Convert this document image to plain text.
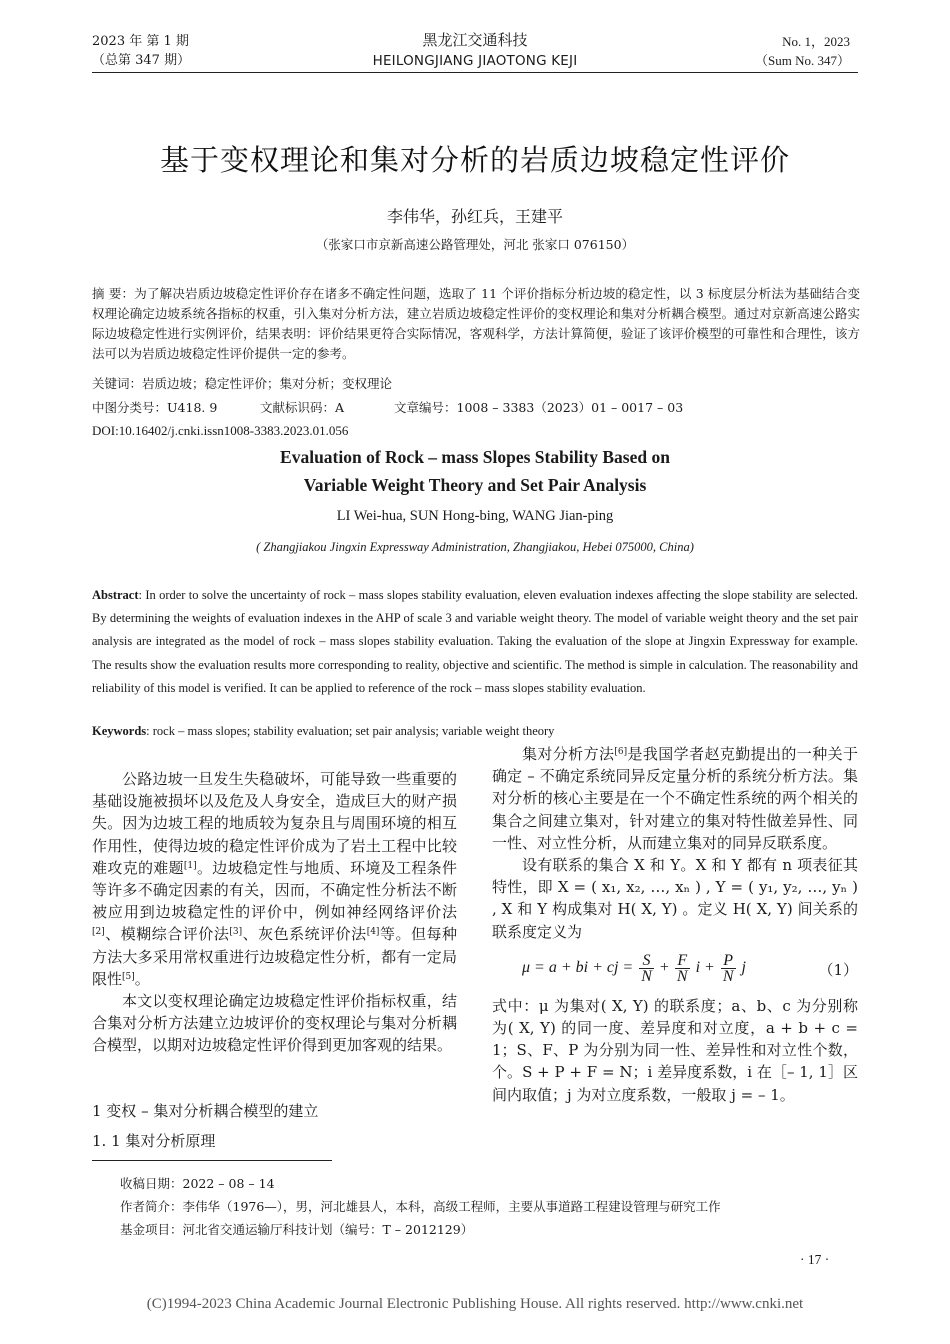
2023 年 第 1 期
（总第 347 期）
黑龙江交通科技
HEILONGJIANG JIAOTONG KEJI
No. 1，2023
（Sum No. 347）
基于变权理论和集对分析的岩质边坡稳定性评价
李伟华，孙红兵，王建平
（张家口市京新高速公路管理处，河北 张家口 076150）
摘 要：为了解决岩质边坡稳定性评价存在诸多不确定性问题，选取了 11 个评价指标分析边坡的稳定性，以 3 标度层分析法为基础结合变权理论确定边坡系统各指标的权重，引入集对分析方法，建立岩质边坡稳定性评价的变权理论和集对分析耦合模型。通过对京新高速公路实际边坡稳定性进行实例评价，结果表明：评价结果更符合实际情况，客观科学，方法计算简便，验证了该评价模型的可靠性和合理性，该方法可以为岩质边坡稳定性评价提供一定的参考。
关键词：岩质边坡；稳定性评价；集对分析；变权理论
中图分类号：U418. 9	文献标识码：A	文章编号：1008 – 3383（2023）01 – 0017 – 03
DOI:10.16402/j.cnki.issn1008-3383.2023.01.056
Evaluation of Rock – mass Slopes Stability Based on
Variable Weight Theory and Set Pair Analysis
LI Wei-hua, SUN Hong-bing, WANG Jian-ping
( Zhangjiakou Jingxin Expressway Administration, Zhangjiakou, Hebei 075000, China)
Abstract: In order to solve the uncertainty of rock – mass slopes stability evaluation, eleven evaluation indexes affecting the slope stability are selected. By determining the weights of evaluation indexes in the AHP of scale 3 and variable weight theory. The model of variable weight theory and the set pair analysis are integrated as the model of rock – mass slopes stability evaluation. Taking the evaluation of the slope at Jingxin Expressway for example. The results show the evaluation results more corresponding to reality, objective and scientific. The method is simple in calculation. The reasonability and reliability of this model is verified. It can be applied to reference of the rock – mass slopes stability evaluation.
Keywords: rock – mass slopes; stability evaluation; set pair analysis; variable weight theory

公路边坡一旦发生失稳破坏，可能导致一些重要的基础设施被损坏以及危及人身安全，造成巨大的财产损失。因为边坡工程的地质较为复杂且与周围环境的相互作用性，使得边坡的稳定性评价成为了岩土工程中比较难攻克的难题[1]。边坡稳定性与地质、环境及工程条件等许多不确定因素的有关，因而，不确定性分析法不断被应用到边坡稳定性的评价中，例如神经网络评价法[2]、模糊综合评价法[3]、灰色系统评价法[4]等。但每种方法大多采用常权重进行边坡稳定性分析，都有一定局限性[5]。

本文以变权理论确定边坡稳定性评价指标权重，结合集对分析方法建立边坡评价的变权理论与集对分析耦合模型，以期对边坡稳定性评价得到更加客观的结果。

1 变权 – 集对分析耦合模型的建立
1. 1 集对分析原理

集对分析方法[6]是我国学者赵克勤提出的一种关于确定 – 不确定系统同异反定量分析的系统分析方法。集对分析的核心主要是在一个不确定性系统的两个相关的集合之间建立集对，针对建立的集对特性做差异性、同一性、对立性分析，从而建立集对的同异反联系度。

设有联系的集合 X 和 Y。X 和 Y 都有 n 项表征其特性，即 X = ( x₁, x₂, …, xₙ ) , Y = ( y₁, y₂, …, yₙ ) , X 和 Y 构成集对 H( X, Y) 。定义 H( X, Y) 间关系的联系度定义为

μ = a + bi + cj = $\frac{S}{N} + \frac{F}{N}$ $i + \frac{P}{N}$ j	（1）

式中：μ 为集对( X, Y) 的联系度；a、b、c 为分别称为( X, Y) 的同一度、差异度和对立度，a + b + c = 1；S、F、P 为分别为同一性、差异性和对立性个数，个。S + P + F = N；i 差异度系数，i 在［– 1, 1］区间内取值；j 为对立度系数，一般取 j = – 1。

收稿日期：2022 – 08 – 14
作者简介：李伟华（1976—），男，河北雄县人，本科，高级工程师，主要从事道路工程建设管理与研究工作
基金项目：河北省交通运输厅科技计划（编号：T – 2012129）
· 17 ·
(C)1994-2023 China Academic Journal Electronic Publishing House. All rights reserved. http://www.cnki.net
